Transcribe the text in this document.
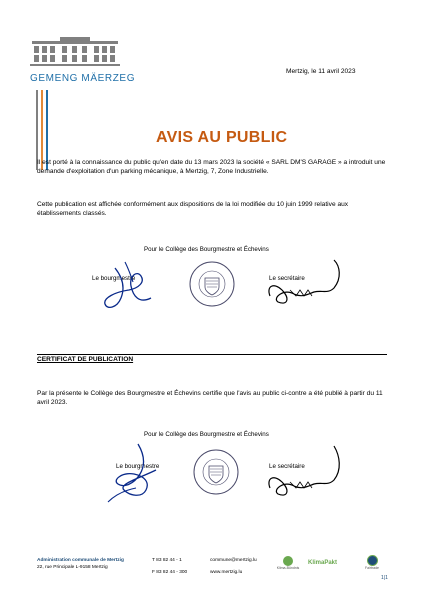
GEMENG MÄERZEG
Mertzig, le 11 avril 2023
AVIS AU PUBLIC

Il est porté à la connaissance du public qu'en date du 13 mars 2023 la société « SARL DM'S GARAGE » a introduit une demande d'exploitation d'un parking mécanique, à Mertzig, 7, Zone Industrielle.

Cette publication est affichée conformément aux dispositions de la loi modifiée du 10 juin 1999 relative aux établissements classés.

Pour le Collège des Bourgmestre et Échevins
Le bourgmestre	Le secrétaire
CERTIFICAT DE PUBLICATION

Par la présente le Collège des Bourgmestre et Échevins certifie que l'avis au public ci-contre a été publié à partir du 11 avril 2023.

Pour le Collège des Bourgmestre et Échevins
Le bourgmestre	Le secrétaire
Administration communale de Mertzig
22, rue Principale L-9158 Mertzig
T 83 82 44 - 1
F 83 82 44 - 300
commune@mertzig.lu
www.mertzig.lu
Klima-Bündnis
KlimaPakt
Fairtrade
1|1
